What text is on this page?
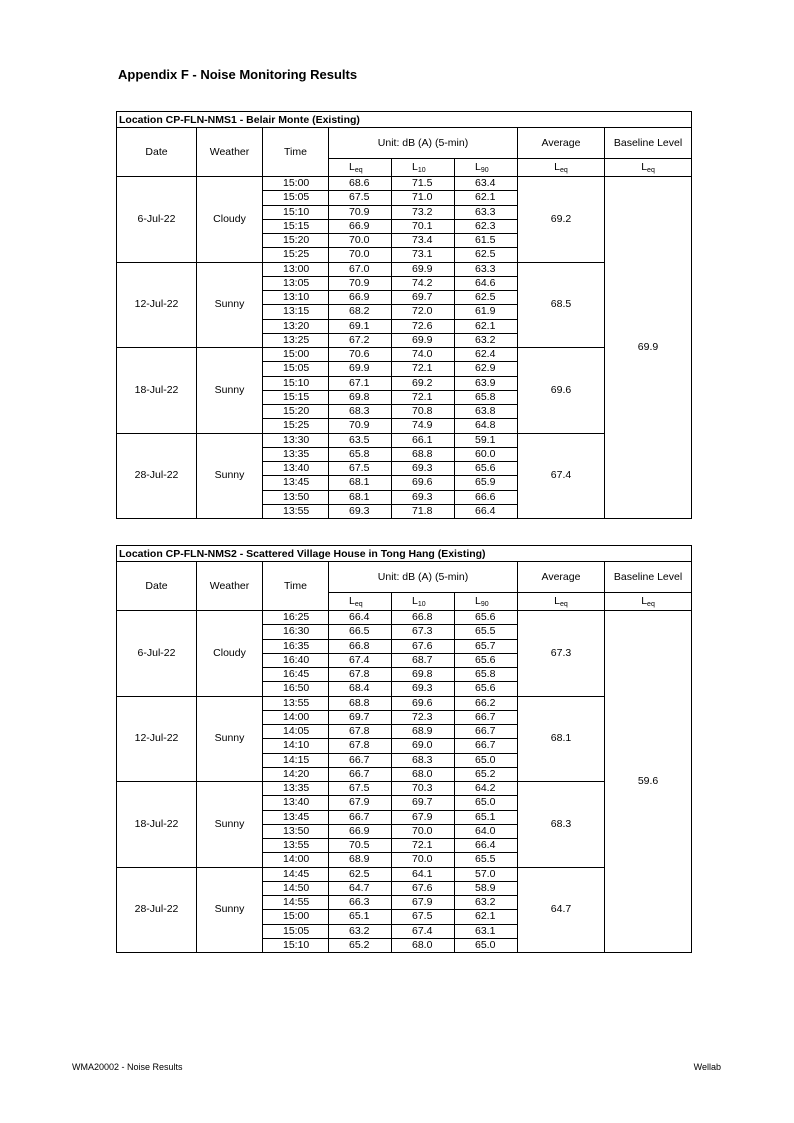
Appendix F - Noise Monitoring Results
Location CP-FLN-NMS1 - Belair Monte (Existing)							
Date	Weather	Time	Unit: dB (A) (5-min)			Average	Baseline Level
			$L_{eq}$	$L_{10}$	$L_{90}$	$L_{eq}$	$L_{eq}$
6-Jul-22	Cloudy	15:00	68.6	71.5	63.4	69.2	69.9
		15:05	67.5	71.0	62.1		
		15:10	70.9	73.2	63.3		
		15:15	66.9	70.1	62.3		
		15:20	70.0	73.4	61.5		
		15:25	70.0	73.1	62.5		
12-Jul-22	Sunny	13:00	67.0	69.9	63.3	68.5	
		13:05	70.9	74.2	64.6		
		13:10	66.9	69.7	62.5		
		13:15	68.2	72.0	61.9		
		13:20	69.1	72.6	62.1		
		13:25	67.2	69.9	63.2		
18-Jul-22	Sunny	15:00	70.6	74.0	62.4	69.6	
		15:05	69.9	72.1	62.9		
		15:10	67.1	69.2	63.9		
		15:15	69.8	72.1	65.8		
		15:20	68.3	70.8	63.8		
		15:25	70.9	74.9	64.8		
28-Jul-22	Sunny	13:30	63.5	66.1	59.1	67.4	
		13:35	65.8	68.8	60.0		
		13:40	67.5	69.3	65.6		
		13:45	68.1	69.6	65.9		
		13:50	68.1	69.3	66.6		
		13:55	69.3	71.8	66.4		
Location CP-FLN-NMS2 - Scattered Village House in Tong Hang (Existing)							
Date	Weather	Time	Unit: dB (A) (5-min)			Average	Baseline Level
			$L_{eq}$	$L_{10}$	$L_{90}$	$L_{eq}$	$L_{eq}$
6-Jul-22	Cloudy	16:25	66.4	66.8	65.6	67.3	59.6
		16:30	66.5	67.3	65.5		
		16:35	66.8	67.6	65.7		
		16:40	67.4	68.7	65.6		
		16:45	67.8	69.8	65.8		
		16:50	68.4	69.3	65.6		
12-Jul-22	Sunny	13:55	68.8	69.6	66.2	68.1	
		14:00	69.7	72.3	66.7		
		14:05	67.8	68.9	66.7		
		14:10	67.8	69.0	66.7		
		14:15	66.7	68.3	65.0		
		14:20	66.7	68.0	65.2		
18-Jul-22	Sunny	13:35	67.5	70.3	64.2	68.3	
		13:40	67.9	69.7	65.0		
		13:45	66.7	67.9	65.1		
		13:50	66.9	70.0	64.0		
		13:55	70.5	72.1	66.4		
		14:00	68.9	70.0	65.5		
28-Jul-22	Sunny	14:45	62.5	64.1	57.0	64.7	
		14:50	64.7	67.6	58.9		
		14:55	66.3	67.9	63.2		
		15:00	65.1	67.5	62.1		
		15:05	63.2	67.4	63.1		
		15:10	65.2	68.0	65.0		
WMA20002 - Noise Results	Wellab
